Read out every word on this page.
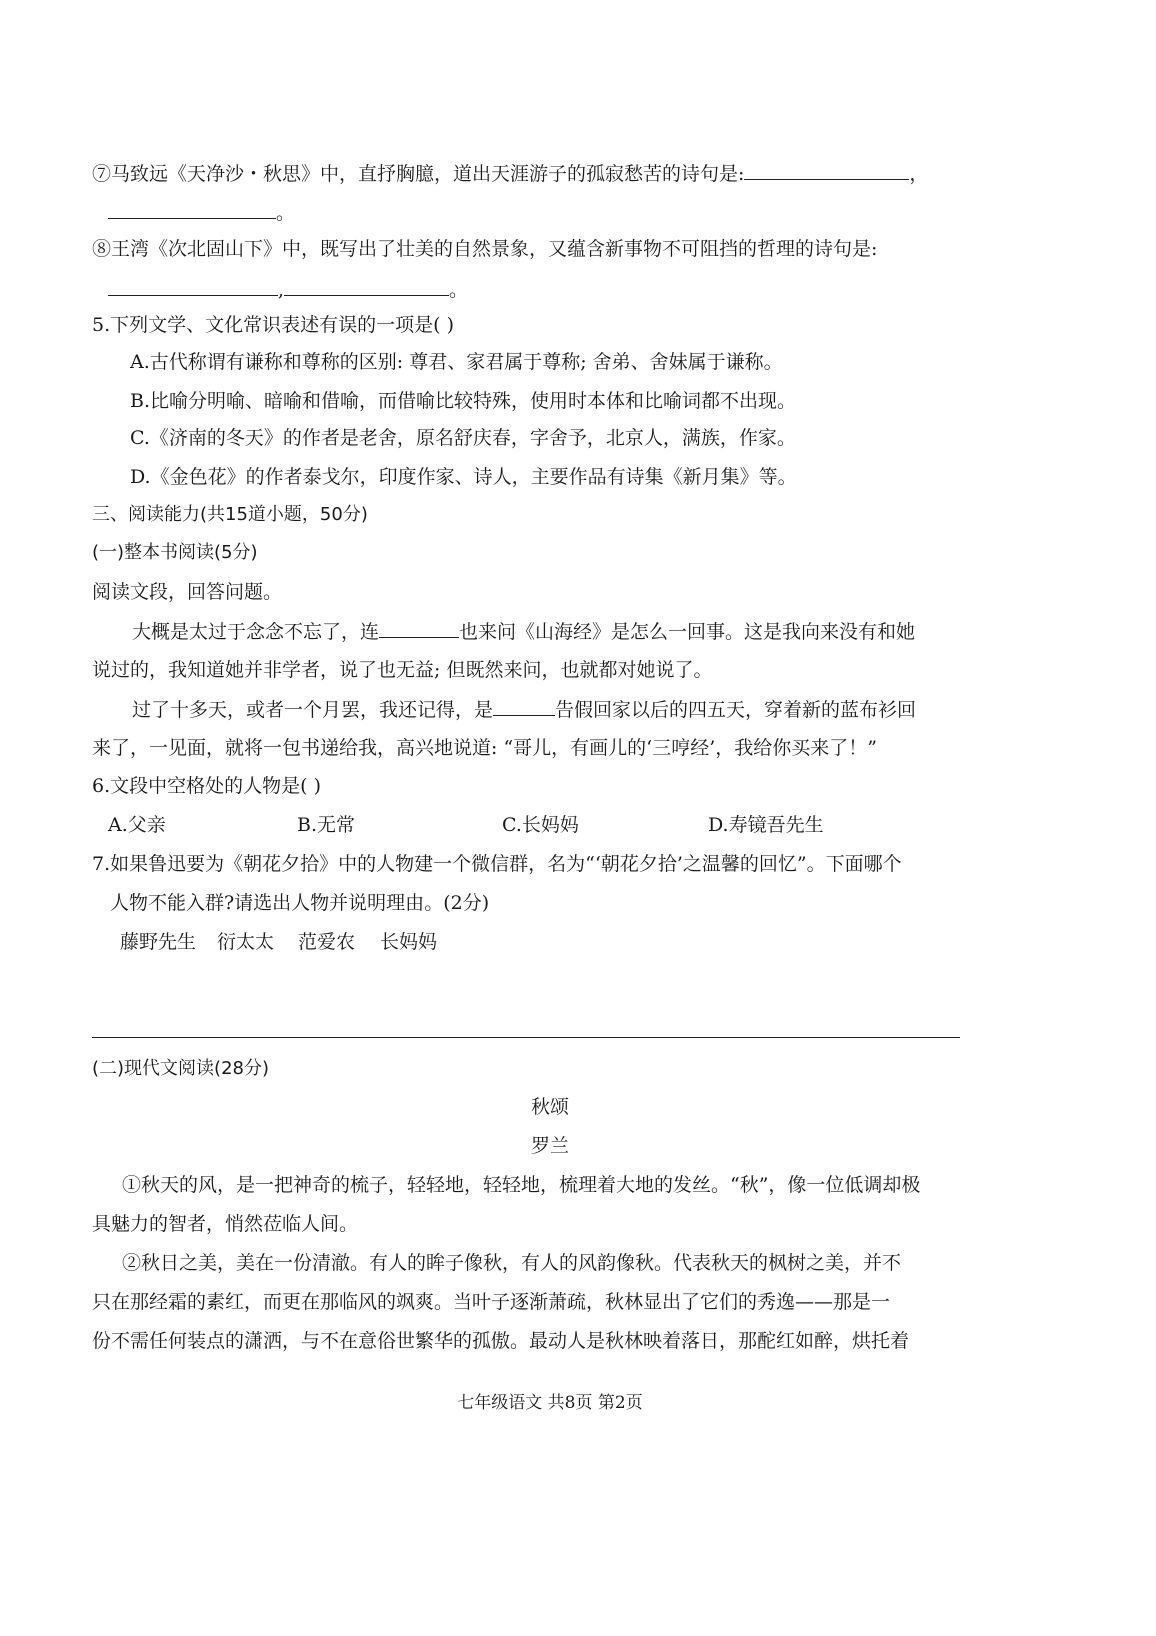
⑦马致远《天净沙・秋思》中，直抒胸臆，道出天涯游子的孤寂愁苦的诗句是:	，
。
⑧王湾《次北固山下》中，既写出了壮美的自然景象，又蕴含新事物不可阻挡的哲理的诗句是:
,	。
5.下列文学、文化常识表述有误的一项是( )
A.古代称谓有谦称和尊称的区别: 尊君、家君属于尊称; 舍弟、舍妹属于谦称。
B.比喻分明喻、暗喻和借喻，而借喻比较特殊，使用时本体和比喻词都不出现。
C.《济南的冬天》的作者是老舍，原名舒庆春，字舍予，北京人，满族，作家。
D.《金色花》的作者泰戈尔，印度作家、诗人，主要作品有诗集《新月集》等。
三、阅读能力(共15道小题，50分)
(一)整本书阅读(5分)
阅读文段，回答问题。
大概是太过于念念不忘了，连	也来问《山海经》是怎么一回事。这是我向来没有和她
说过的，我知道她并非学者，说了也无益; 但既然来问，也就都对她说了。
过了十多天，或者一个月罢，我还记得，是	告假回家以后的四五天，穿着新的蓝布衫回
来了，一见面，就将一包书递给我，高兴地说道: “哥儿，有画儿的‘三哼经’，我给你买来了！”
6.文段中空格处的人物是( )
A.父亲	B.无常	C.长妈妈	D.寿镜吾先生
7.如果鲁迅要为《朝花夕拾》中的人物建一个微信群，名为“‘朝花夕拾’之温馨的回忆”。下面哪个
人物不能入群?请选出人物并说明理由。(2分)
藤野先生 衍太太 范爱农 长妈妈
(二)现代文阅读(28分)
秋颂
罗兰
①秋天的风，是一把神奇的梳子，轻轻地，轻轻地，梳理着大地的发丝。“秋”，像一位低调却极
具魅力的智者，悄然莅临人间。
②秋日之美，美在一份清澈。有人的眸子像秋，有人的风韵像秋。代表秋天的枫树之美，并不
只在那经霜的素红，而更在那临风的飒爽。当叶子逐渐萧疏，秋林显出了它们的秀逸——那是一
份不需任何装点的潇洒，与不在意俗世繁华的孤傲。最动人是秋林映着落日，那酡红如醉，烘托着
七年级语文 共8页 第2页
